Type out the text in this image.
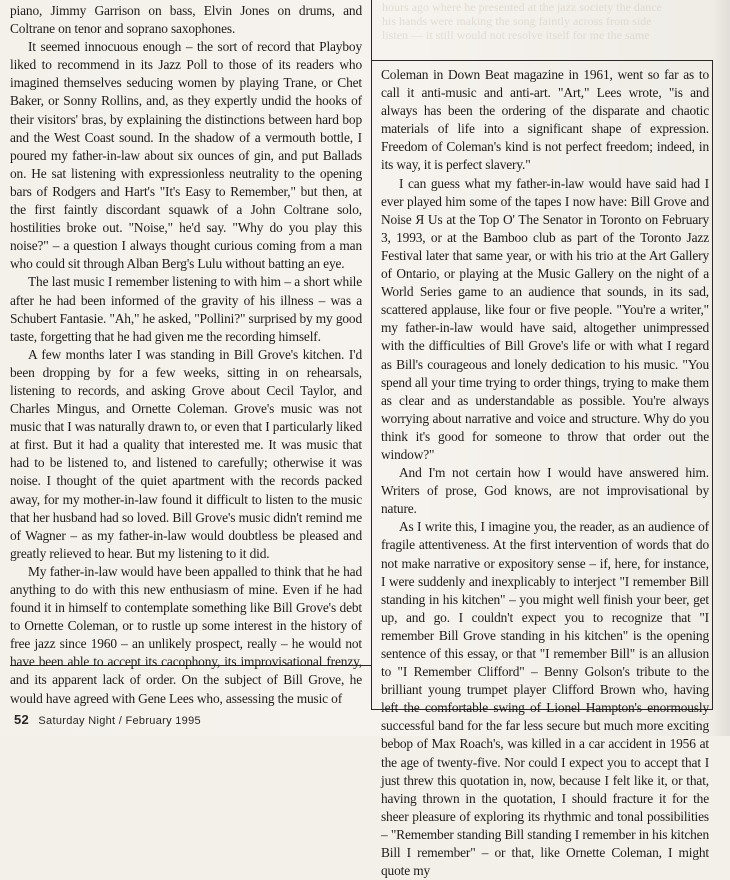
hours ago where he presented at the jazz society the dance

his hands were making the song faintly across from side

listen — it still would not resolve itself for me the same

piano, Jimmy Garrison on bass, Elvin Jones on drums, and Coltrane on tenor and soprano saxophones.

It seemed innocuous enough – the sort of record that Playboy liked to recommend in its Jazz Poll to those of its readers who imagined themselves seducing women by playing Trane, or Chet Baker, or Sonny Rollins, and, as they expertly undid the hooks of their visitors' bras, by explaining the distinctions between hard bop and the West Coast sound. In the shadow of a vermouth bottle, I poured my father-in-law about six ounces of gin, and put Ballads on. He sat listening with expressionless neutrality to the opening bars of Rodgers and Hart's "It's Easy to Remember," but then, at the first faintly discordant squawk of a John Coltrane solo, hostilities broke out. "Noise," he'd say. "Why do you play this noise?" – a question I always thought curious coming from a man who could sit through Alban Berg's Lulu without batting an eye.

The last music I remember listening to with him – a short while after he had been informed of the gravity of his illness – was a Schubert Fantasie. "Ah," he asked, "Pollini?" surprised by my good taste, forgetting that he had given me the recording himself.

A few months later I was standing in Bill Grove's kitchen. I'd been dropping by for a few weeks, sitting in on rehearsals, listening to records, and asking Grove about Cecil Taylor, and Charles Mingus, and Ornette Coleman. Grove's music was not music that I was naturally drawn to, or even that I particularly liked at first. But it had a quality that interested me. It was music that had to be listened to, and listened to carefully; otherwise it was noise. I thought of the quiet apartment with the records packed away, for my mother-in-law found it difficult to listen to the music that her husband had so loved. Bill Grove's music didn't remind me of Wagner – as my father-in-law would doubtless be pleased and greatly relieved to hear. But my listening to it did.

My father-in-law would have been appalled to think that he had anything to do with this new enthusiasm of mine. Even if he had found it in himself to contemplate something like Bill Grove's debt to Ornette Coleman, or to rustle up some interest in the history of free jazz since 1960 – an unlikely prospect, really – he would not have been able to accept its cacophony, its improvisational frenzy, and its apparent lack of order. On the subject of Bill Grove, he would have agreed with Gene Lees who, assessing the music of

Coleman in Down Beat magazine in 1961, went so far as to call it anti-music and anti-art. "Art," Lees wrote, "is and always has been the ordering of the disparate and chaotic materials of life into a significant shape of expression. Freedom of Coleman's kind is not perfect freedom; indeed, in its way, it is perfect slavery."

I can guess what my father-in-law would have said had I ever played him some of the tapes I now have: Bill Grove and Noise Я Us at the Top O' The Senator in Toronto on February 3, 1993, or at the Bamboo club as part of the Toronto Jazz Festival later that same year, or with his trio at the Art Gallery of Ontario, or playing at the Music Gallery on the night of a World Series game to an audience that sounds, in its sad, scattered applause, like four or five people. "You're a writer," my father-in-law would have said, altogether unimpressed with the difficulties of Bill Grove's life or with what I regard as Bill's courageous and lonely dedication to his music. "You spend all your time trying to order things, trying to make them as clear and as understandable as possible. You're always worrying about narrative and voice and structure. Why do you think it's good for someone to throw that order out the window?"

And I'm not certain how I would have answered him. Writers of prose, God knows, are not improvisational by nature.

As I write this, I imagine you, the reader, as an audience of fragile attentiveness. At the first intervention of words that do not make narrative or expository sense – if, here, for instance, I were suddenly and inexplicably to interject "I remember Bill standing in his kitchen" – you might well finish your beer, get up, and go. I couldn't expect you to recognize that "I remember Bill Grove standing in his kitchen" is the opening sentence of this essay, or that "I remember Bill" is an allusion to "I Remember Clifford" – Benny Golson's tribute to the brilliant young trumpet player Clifford Brown who, having left the comfortable swing of Lionel Hampton's enormously successful band for the far less secure but much more exciting bebop of Max Roach's, was killed in a car accident in 1956 at the age of twenty-five. Nor could I expect you to accept that I just threw this quotation in, now, because I felt like it, or that, having thrown in the quotation, I should fracture it for the sheer pleasure of exploring its rhythmic and tonal possibilities – "Remember standing Bill standing I remember in his kitchen Bill I remember" – or that, like Ornette Coleman, I might quote my

52 Saturday Night / February 1995
